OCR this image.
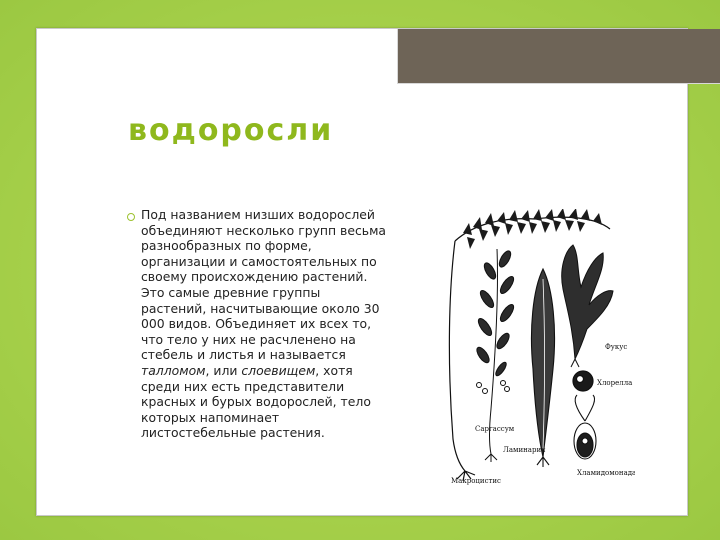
водоросли
Под названием низших водорослей объединяют несколько групп весьма разнообразных по форме, организации и самостоятельных по своему происхождению растений. Это самые древние группы растений, насчитывающие около 30 000 видов. Объединяет их всех то, что тело у них не расчленено на стебель и листья и называется талломом, или слоевищем, хотя среди них есть представители красных и бурых водорослей, тело которых напоминает листостебельные растения.
Фукус
Хлорелла
Саргассум
Ламинария
Хламидомонада
Макроцистис
